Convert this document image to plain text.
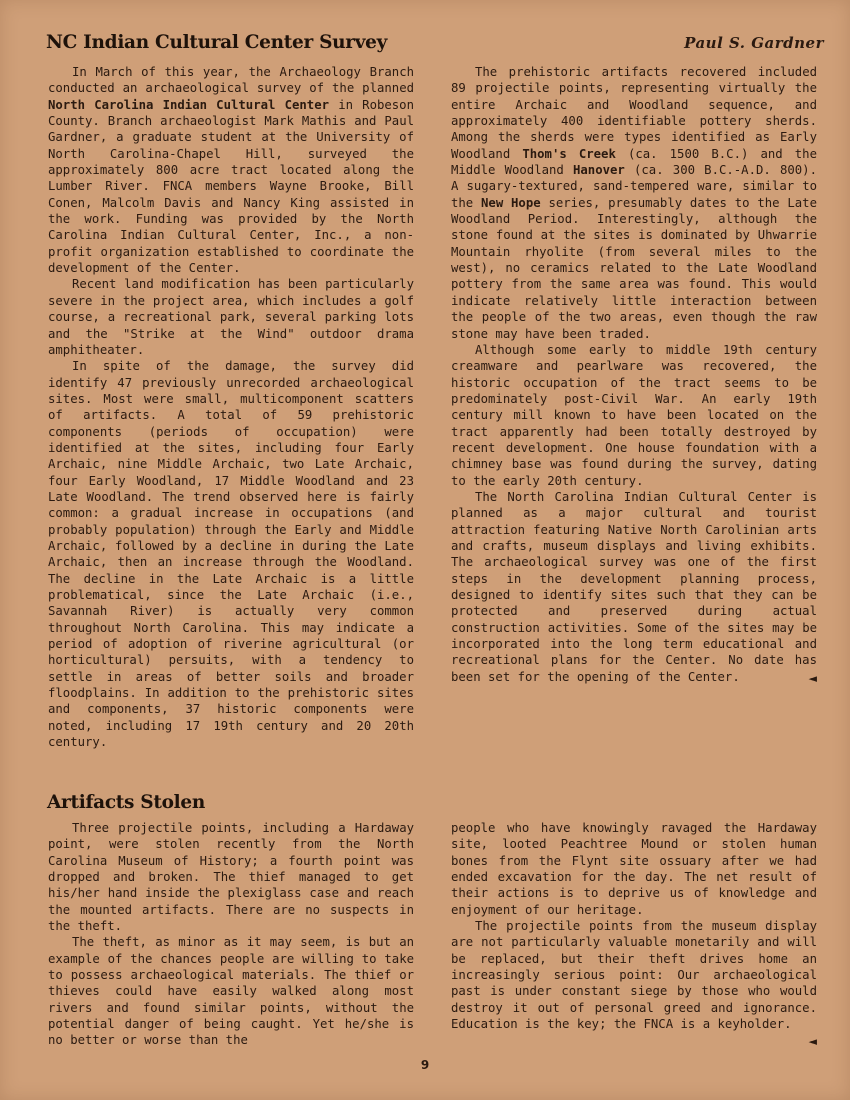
NC Indian Cultural Center Survey	Paul S. Gardner

In March of this year, the Archaeology Branch conducted an archaeological survey of the planned North Carolina Indian Cultural Center in Robeson County. Branch archaeologist Mark Mathis and Paul Gardner, a graduate student at the University of North Carolina-Chapel Hill, surveyed the approximately 800 acre tract located along the Lumber River. FNCA members Wayne Brooke, Bill Conen, Malcolm Davis and Nancy King assisted in the work. Funding was provided by the North Carolina Indian Cultural Center, Inc., a non-profit organization established to coordinate the development of the Center.

Recent land modification has been particularly severe in the project area, which includes a golf course, a recreational park, several parking lots and the "Strike at the Wind" outdoor drama amphitheater.

In spite of the damage, the survey did identify 47 previously unrecorded archaeological sites. Most were small, multicomponent scatters of artifacts. A total of 59 prehistoric components (periods of occupation) were identified at the sites, including four Early Archaic, nine Middle Archaic, two Late Archaic, four Early Woodland, 17 Middle Woodland and 23 Late Woodland. The trend observed here is fairly common: a gradual increase in occupations (and probably population) through the Early and Middle Archaic, followed by a decline in during the Late Archaic, then an increase through the Woodland. The decline in the Late Archaic is a little problematical, since the Late Archaic (i.e., Savannah River) is actually very common throughout North Carolina. This may indicate a period of adoption of riverine agricultural (or horticultural) persuits, with a tendency to settle in areas of better soils and broader floodplains. In addition to the prehistoric sites and components, 37 historic components were noted, including 17 19th century and 20 20th century.

The prehistoric artifacts recovered included 89 projectile points, representing virtually the entire Archaic and Woodland sequence, and approximately 400 identifiable pottery sherds. Among the sherds were types identified as Early Woodland Thom's Creek (ca. 1500 B.C.) and the Middle Woodland Hanover (ca. 300 B.C.-A.D. 800). A sugary-textured, sand-tempered ware, similar to the New Hope series, presumably dates to the Late Woodland Period. Interestingly, although the stone found at the sites is dominated by Uhwarrie Mountain rhyolite (from several miles to the west), no ceramics related to the Late Woodland pottery from the same area was found. This would indicate relatively little interaction between the people of the two areas, even though the raw stone may have been traded.

Although some early to middle 19th century creamware and pearlware was recovered, the historic occupation of the tract seems to be predominately post-Civil War. An early 19th century mill known to have been located on the tract apparently had been totally destroyed by recent development. One house foundation with a chimney base was found during the survey, dating to the early 20th century.

The North Carolina Indian Cultural Center is planned as a major cultural and tourist attraction featuring Native North Carolinian arts and crafts, museum displays and living exhibits. The archaeological survey was one of the first steps in the development planning process, designed to identify sites such that they can be protected and preserved during actual construction activities. Some of the sites may be incorporated into the long term educational and recreational plans for the Center. No date has been set for the opening of the Center.	◄

Artifacts Stolen

Three projectile points, including a Hardaway point, were stolen recently from the North Carolina Museum of History; a fourth point was dropped and broken. The thief managed to get his/her hand inside the plexiglass case and reach the mounted artifacts. There are no suspects in the theft.

The theft, as minor as it may seem, is but an example of the chances people are willing to take to possess archaeological materials. The thief or thieves could have easily walked along most rivers and found similar points, without the potential danger of being caught. Yet he/she is no better or worse than the

people who have knowingly ravaged the Hardaway site, looted Peachtree Mound or stolen human bones from the Flynt site ossuary after we had ended excavation for the day. The net result of their actions is to deprive us of knowledge and enjoyment of our heritage.

The projectile points from the museum display are not particularly valuable monetarily and will be replaced, but their theft drives home an increasingly serious point: Our archaeological past is under constant siege by those who would destroy it out of personal greed and ignorance. Education is the key; the FNCA is a keyholder.
◄

9
